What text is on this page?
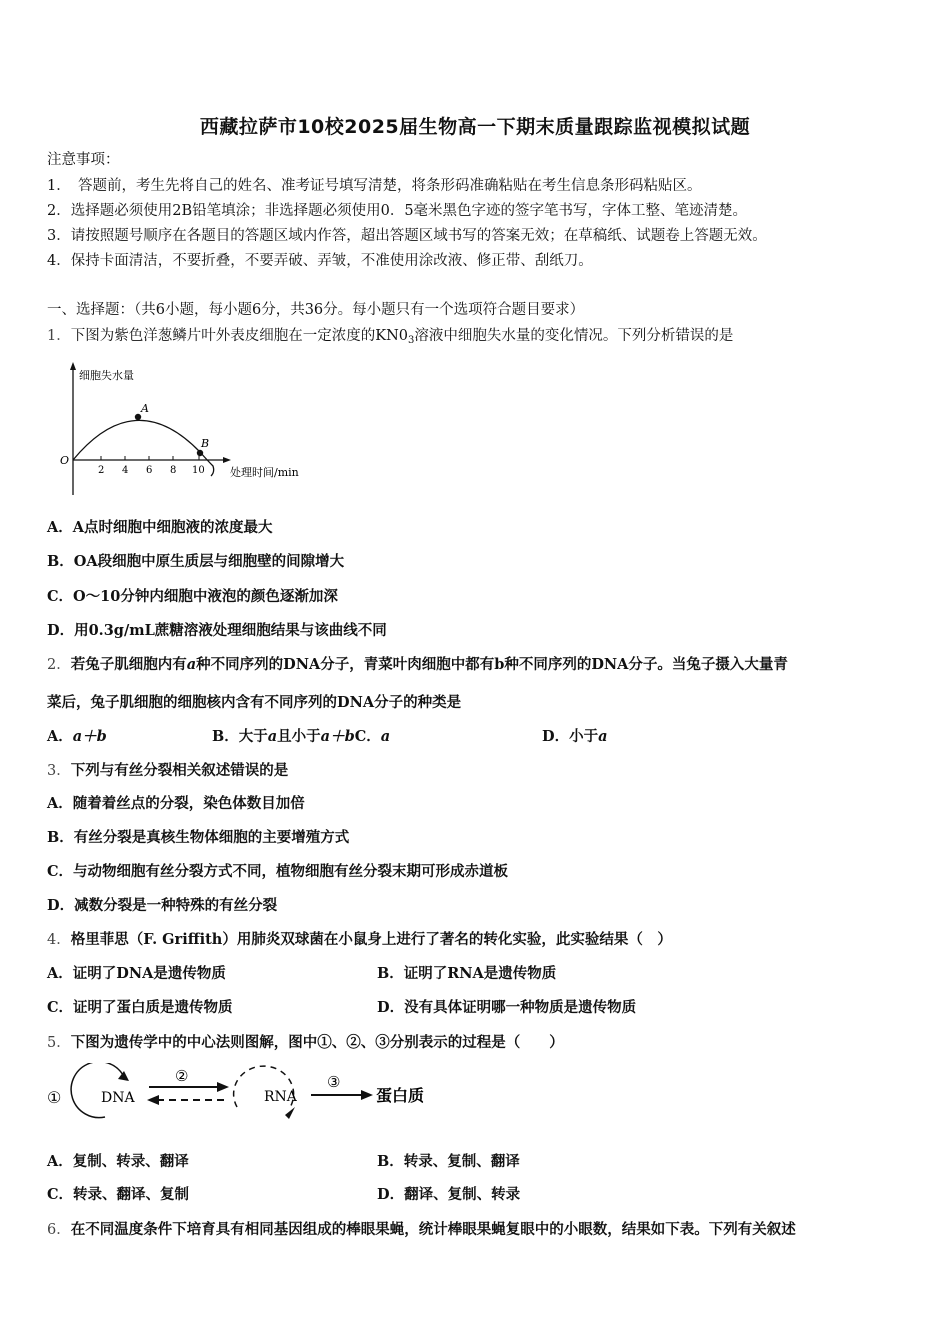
西藏拉萨市10校2025届生物高一下期末质量跟踪监视模拟试题
注意事项：
1．　答题前，考生先将自己的姓名、准考证号填写清楚，将条形码准确粘贴在考生信息条形码粘贴区。
2．选择题必须使用2B铅笔填涂；非选择题必须使用0．5毫米黑色字迹的签字笔书写，字体工整、笔迹清楚。
3．请按照题号顺序在各题目的答题区域内作答，超出答题区域书写的答案无效；在草稿纸、试题卷上答题无效。
4．保持卡面清洁，不要折叠，不要弄破、弄皱，不准使用涂改液、修正带、刮纸刀。
一、选择题：（共6小题，每小题6分，共36分。每小题只有一个选项符合题目要求）
1．下图为紫色洋葱鳞片叶外表皮细胞在一定浓度的$KN0_3$溶液中细胞失水量的变化情况。下列分析错误的是
细胞失水量
处理时间/min
O
A
B
2 4 6 8 10
A．A点时细胞中细胞液的浓度最大
B．OA段细胞中原生质层与细胞壁的间隙增大
C．O～10分钟内细胞中液泡的颜色逐渐加深
D．用0.3g/mL蔗糖溶液处理细胞结果与该曲线不同
2．若兔子肌细胞内有a种不同序列的DNA分子，青菜叶肉细胞中都有b种不同序列的DNA分子。当兔子摄入大量青
菜后，兔子肌细胞的细胞核内含有不同序列的DNA分子的种类是
A．a＋b	B．大于a且小于a＋bC．a	D．小于a
3．下列与有丝分裂相关叙述错误的是
A．随着着丝点的分裂，染色体数目加倍
B．有丝分裂是真核生物体细胞的主要增殖方式
C．与动物细胞有丝分裂方式不同，植物细胞有丝分裂末期可形成赤道板
D．减数分裂是一种特殊的有丝分裂
4．格里菲思（F. Griffith）用肺炎双球菌在小鼠身上进行了著名的转化实验，此实验结果（　）
A．证明了DNA是遗传物质	B．证明了RNA是遗传物质
C．证明了蛋白质是遗传物质	D．没有具体证明哪一种物质是遗传物质
5．下图为遗传学中的中心法则图解，图中①、②、③分别表示的过程是（　　）
①	DNA
②
RNA
③
蛋白质
A．复制、转录、翻译	B．转录、复制、翻译
C．转录、翻译、复制	D．翻译、复制、转录
6．在不同温度条件下培育具有相同基因组成的棒眼果蝇，统计棒眼果蝇复眼中的小眼数，结果如下表。下列有关叙述
